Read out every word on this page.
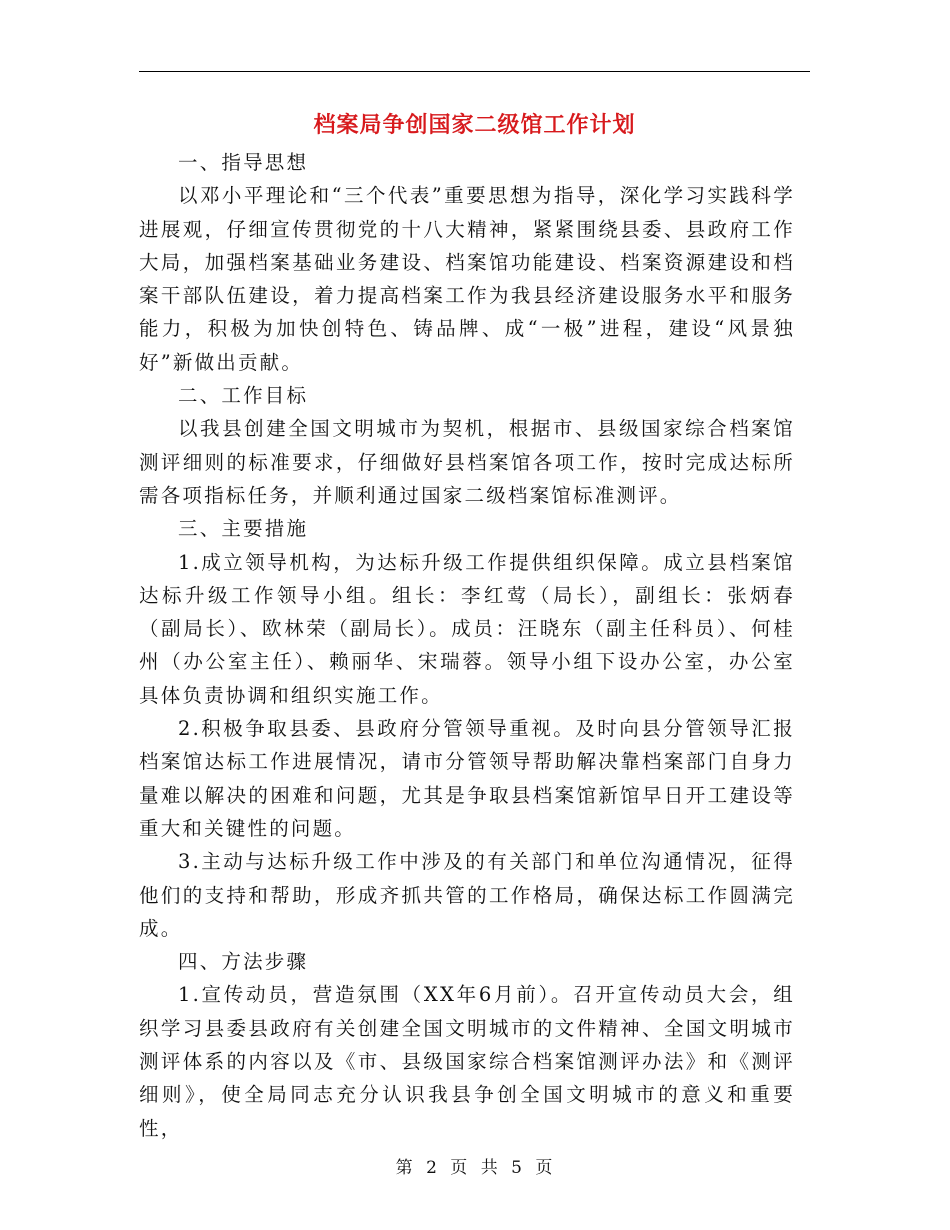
档案局争创国家二级馆工作计划

一、指导思想

以邓小平理论和“三个代表”重要思想为指导，深化学习实践科学进展观，仔细宣传贯彻党的十八大精神，紧紧围绕县委、县政府工作大局，加强档案基础业务建设、档案馆功能建设、档案资源建设和档案干部队伍建设，着力提高档案工作为我县经济建设服务水平和服务能力，积极为加快创特色、铸品牌、成“一极”进程，建设“风景独好”新做出贡献。

二、工作目标

以我县创建全国文明城市为契机，根据市、县级国家综合档案馆测评细则的标准要求，仔细做好县档案馆各项工作，按时完成达标所需各项指标任务，并顺利通过国家二级档案馆标准测评。

三、主要措施

1.成立领导机构，为达标升级工作提供组织保障。成立县档案馆达标升级工作领导小组。组长：李红莺（局长），副组长：张炳春（副局长）、欧林荣（副局长）。成员：汪晓东（副主任科员）、何桂州（办公室主任）、赖丽华、宋瑞蓉。领导小组下设办公室，办公室具体负责协调和组织实施工作。

2.积极争取县委、县政府分管领导重视。及时向县分管领导汇报档案馆达标工作进展情况，请市分管领导帮助解决靠档案部门自身力量难以解决的困难和问题，尤其是争取县档案馆新馆早日开工建设等重大和关键性的问题。

3.主动与达标升级工作中涉及的有关部门和单位沟通情况，征得他们的支持和帮助，形成齐抓共管的工作格局，确保达标工作圆满完成。

四、方法步骤

1.宣传动员，营造氛围（XX年6月前）。召开宣传动员大会，组织学习县委县政府有关创建全国文明城市的文件精神、全国文明城市测评体系的内容以及《市、县级国家综合档案馆测评办法》和《测评细则》，使全局同志充分认识我县争创全国文明城市的意义和重要性，

第 2 页 共 5 页
